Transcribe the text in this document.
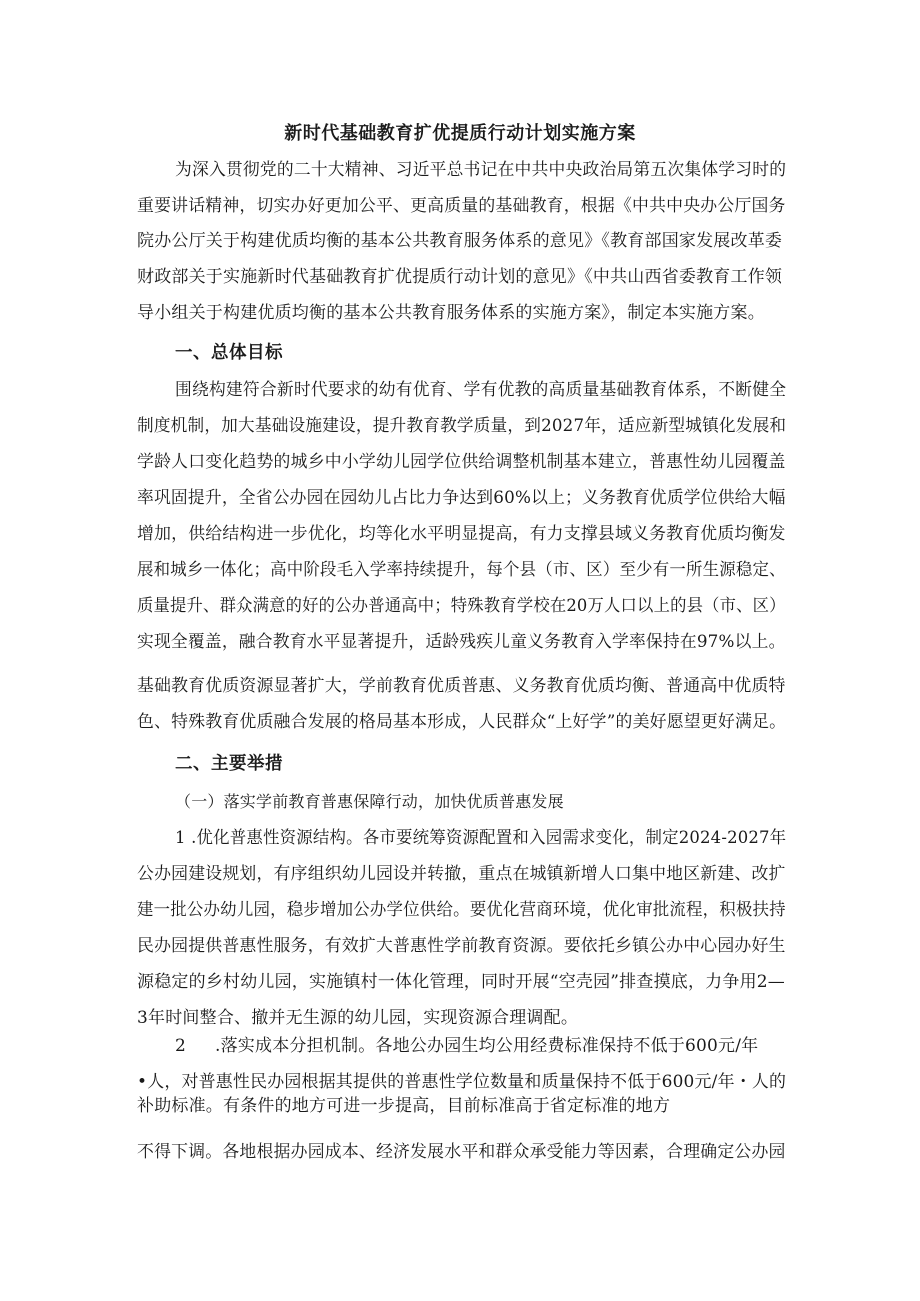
新时代基础教育扩优提质行动计划实施方案
为深入贯彻党的二十大精神、习近平总书记在中共中央政治局第五次集体学习时的
重要讲话精神，切实办好更加公平、更高质量的基础教育，根据《中共中央办公厅国务
院办公厅关于构建优质均衡的基本公共教育服务体系的意见》《教育部国家发展改革委
财政部关于实施新时代基础教育扩优提质行动计划的意见》《中共山西省委教育工作领
导小组关于构建优质均衡的基本公共教育服务体系的实施方案》，制定本实施方案。
一、总体目标
围绕构建符合新时代要求的幼有优育、学有优教的高质量基础教育体系，不断健全
制度机制，加大基础设施建设，提升教育教学质量，到2027年，适应新型城镇化发展和
学龄人口变化趋势的城乡中小学幼儿园学位供给调整机制基本建立，普惠性幼儿园覆盖
率巩固提升，全省公办园在园幼儿占比力争达到60%以上；义务教育优质学位供给大幅
增加，供给结构进一步优化，均等化水平明显提高，有力支撑县域义务教育优质均衡发
展和城乡一体化；高中阶段毛入学率持续提升，每个县（市、区）至少有一所生源稳定、
质量提升、群众满意的好的公办普通高中；特殊教育学校在20万人口以上的县（市、区）
实现全覆盖，融合教育水平显著提升，适龄残疾儿童义务教育入学率保持在97%以上。
基础教育优质资源显著扩大，学前教育优质普惠、义务教育优质均衡、普通高中优质特
色、特殊教育优质融合发展的格局基本形成，人民群众“上好学”的美好愿望更好满足。
二、主要举措
（一）落实学前教育普惠保障行动，加快优质普惠发展
1 .优化普惠性资源结构。各市要统筹资源配置和入园需求变化，制定2024-2027年
公办园建设规划，有序组织幼儿园设并转撤，重点在城镇新增人口集中地区新建、改扩
建一批公办幼儿园，稳步增加公办学位供给。要优化营商环境，优化审批流程，积极扶持
民办园提供普惠性服务，有效扩大普惠性学前教育资源。要依托乡镇公办中心园办好生
源稳定的乡村幼儿园，实施镇村一体化管理，同时开展“空壳园”排查摸底，力争用2—
3年时间整合、撤并无生源的幼儿园，实现资源合理调配。
2 .落实成本分担机制。各地公办园生均公用经费标准保持不低于600元/年
•人，对普惠性民办园根据其提供的普惠性学位数量和质量保持不低于600元/年・人的
补助标准。有条件的地方可进一步提高，目前标准高于省定标准的地方
不得下调。各地根据办园成本、经济发展水平和群众承受能力等因素，合理确定公办园
